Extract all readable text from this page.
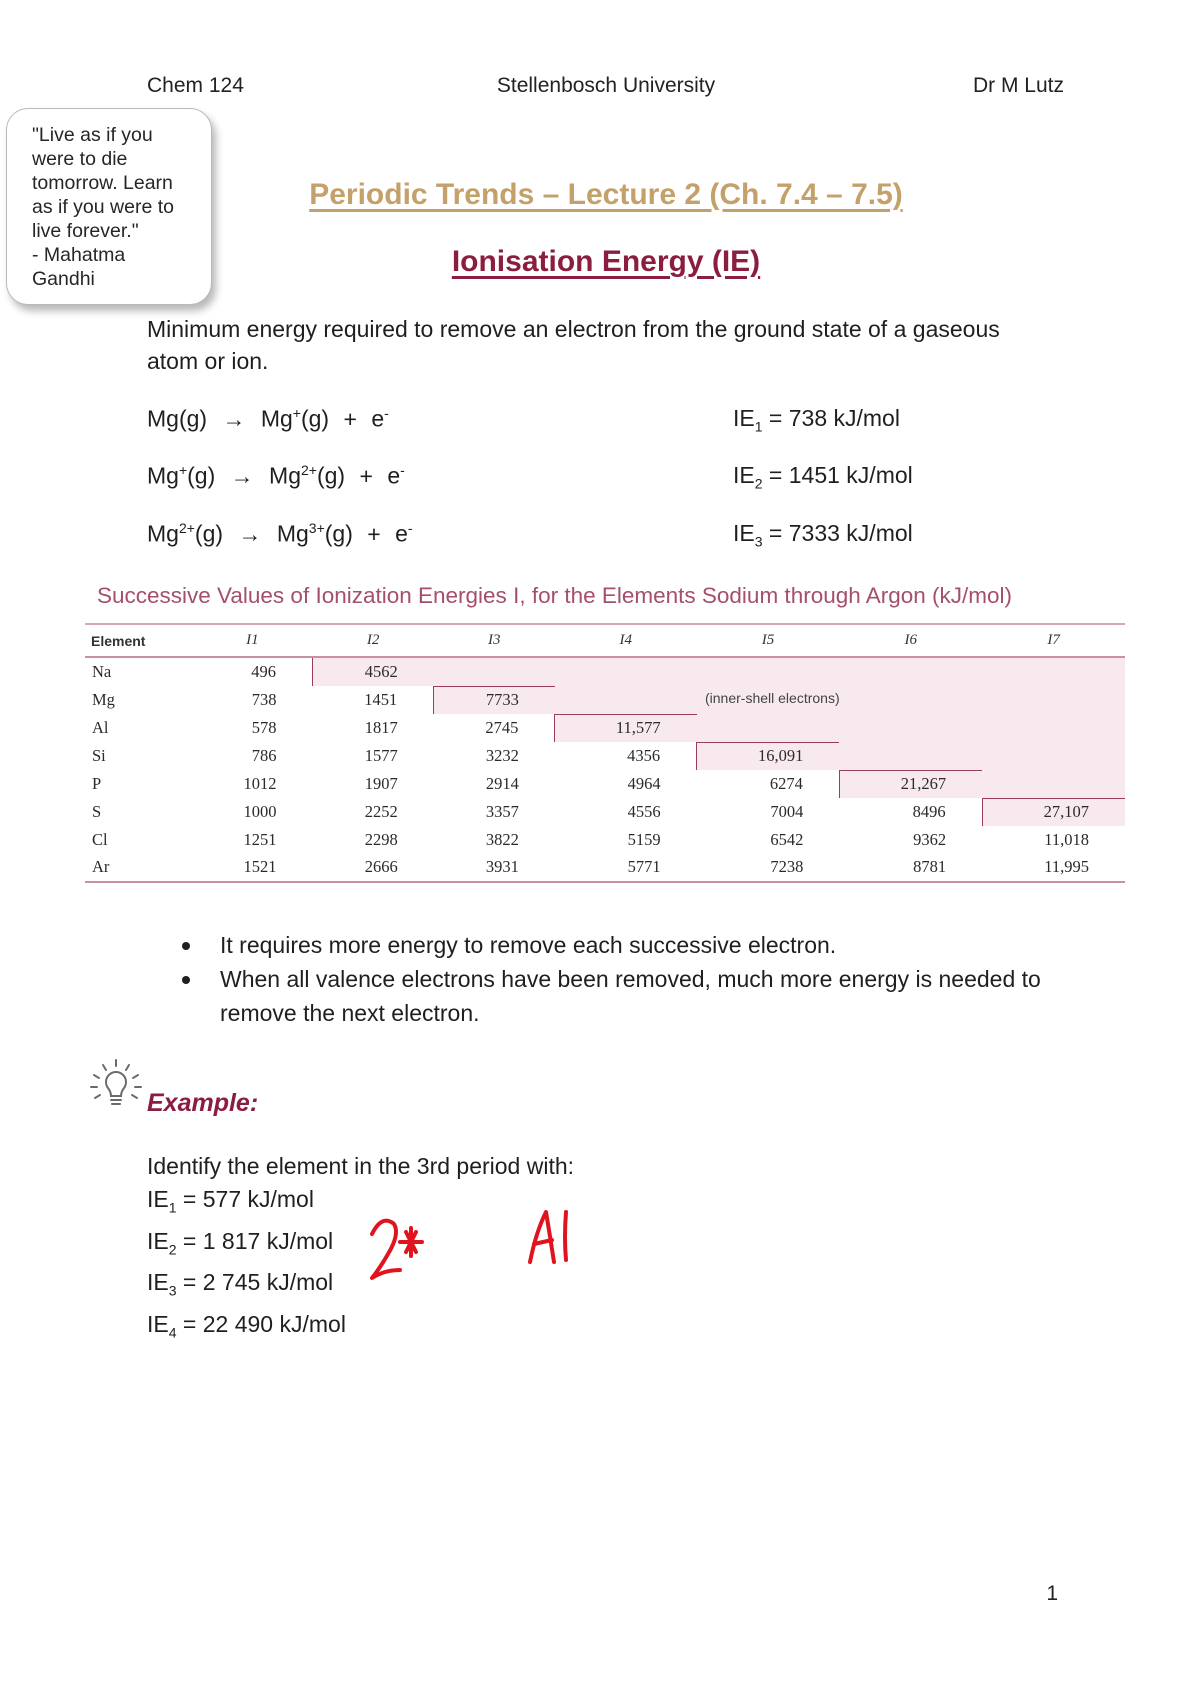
Chem 124	Stellenbosch University	Dr M Lutz
"Live as if you
were to die
tomorrow. Learn
as if you were to
live forever."
- Mahatma
Gandhi
Periodic Trends – Lecture 2 (Ch. 7.4 – 7.5)
Ionisation Energy (IE)
Minimum energy required to remove an electron from the ground state of a gaseous atom or ion.
Mg(g) → Mg+(g) + e-	$IE_1 = 738$ kJ/mol
$Mg^+(g) \to Mg^{2+}(g) + e^-$	$IE_2 = 1451$ kJ/mol
$Mg^{2+}(g) \to Mg^{3+}(g) + e^-$	$IE_3 = 7333$ kJ/mol
Successive Values of Ionization Energies I, for the Elements Sodium through Argon (kJ/mol)
Element	I1	I2	I3	I4	I5	I6	I7
Na	496	4562					
Mg	738	1451	7733				
Al	578	1817	2745	11,577			
Si	786	1577	3232	4356	16,091		
P	1012	1907	2914	4964	6274	21,267	
S	1000	2252	3357	4556	7004	8496	27,107
Cl	1251	2298	3822	5159	6542	9362	11,018
Ar	1521	2666	3931	5771	7238	8781	11,995
(inner-shell electrons)
It requires more energy to remove each successive electron.
When all valence electrons have been removed, much more energy is needed to remove the next electron.
Example:
Identify the element in the 3rd period with:
$IE_1 = 577$ kJ/mol
$IE_2 = 1$ 817 kJ/mol
$IE_3 = 2$ 745 kJ/mol
$IE_4 = 22$ 490 kJ/mol
1
